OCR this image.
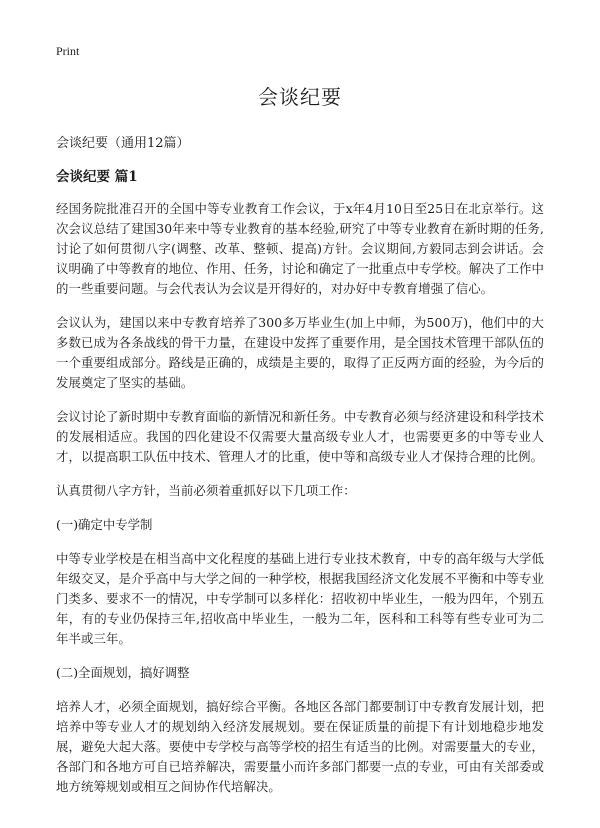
Print
会谈纪要

会谈纪要（通用12篇）

会谈纪要 篇1

经国务院批准召开的全国中等专业教育工作会议，于x年4月10日至25日在北京举行。这次会议总结了建国30年来中等专业教育的基本经验,研究了中等专业教育在新时期的任务,讨论了如何贯彻八字(调整、改革、整顿、提高)方针。会议期间,方毅同志到会讲话。会议明确了中等教育的地位、作用、任务，讨论和确定了一批重点中专学校。解决了工作中的一些重要问题。与会代表认为会议是开得好的，对办好中专教育增强了信心。

会议认为，建国以来中专教育培养了300多万毕业生(加上中师，为500万)，他们中的大多数已成为各条战线的骨干力量，在建设中发挥了重要作用，是全国技术管理干部队伍的一个重要组成部分。路线是正确的，成绩是主要的，取得了正反两方面的经验，为今后的发展奠定了坚实的基础。

会议讨论了新时期中专教育面临的新情况和新任务。中专教育必须与经济建设和科学技术的发展相适应。我国的四化建设不仅需要大量高级专业人才，也需要更多的中等专业人才，以提高职工队伍中技术、管理人才的比重，使中等和高级专业人才保持合理的比例。

认真贯彻八字方针，当前必须着重抓好以下几项工作：

(一)确定中专学制

中等专业学校是在相当高中文化程度的基础上进行专业技术教育，中专的高年级与大学低年级交叉，是介乎高中与大学之间的一种学校，根据我国经济文化发展不平衡和中等专业门类多、要求不一的情况，中专学制可以多样化：招收初中毕业生，一般为四年，个别五年，有的专业仍保持三年,招收高中毕业生，一般为二年，医科和工科等有些专业可为二年半或三年。

(二)全面规划，搞好调整

培养人才，必须全面规划，搞好综合平衡。各地区各部门都要制订中专教育发展计划，把培养中等专业人才的规划纳入经济发展规划。要在保证质量的前提下有计划地稳步地发展，避免大起大落。要使中专学校与高等学校的招生有适当的比例。对需要量大的专业，各部门和各地方可自已培养解决，需要量小而许多部门都要一点的专业，可由有关部委或地方统筹规划或相互之间协作代培解决。
